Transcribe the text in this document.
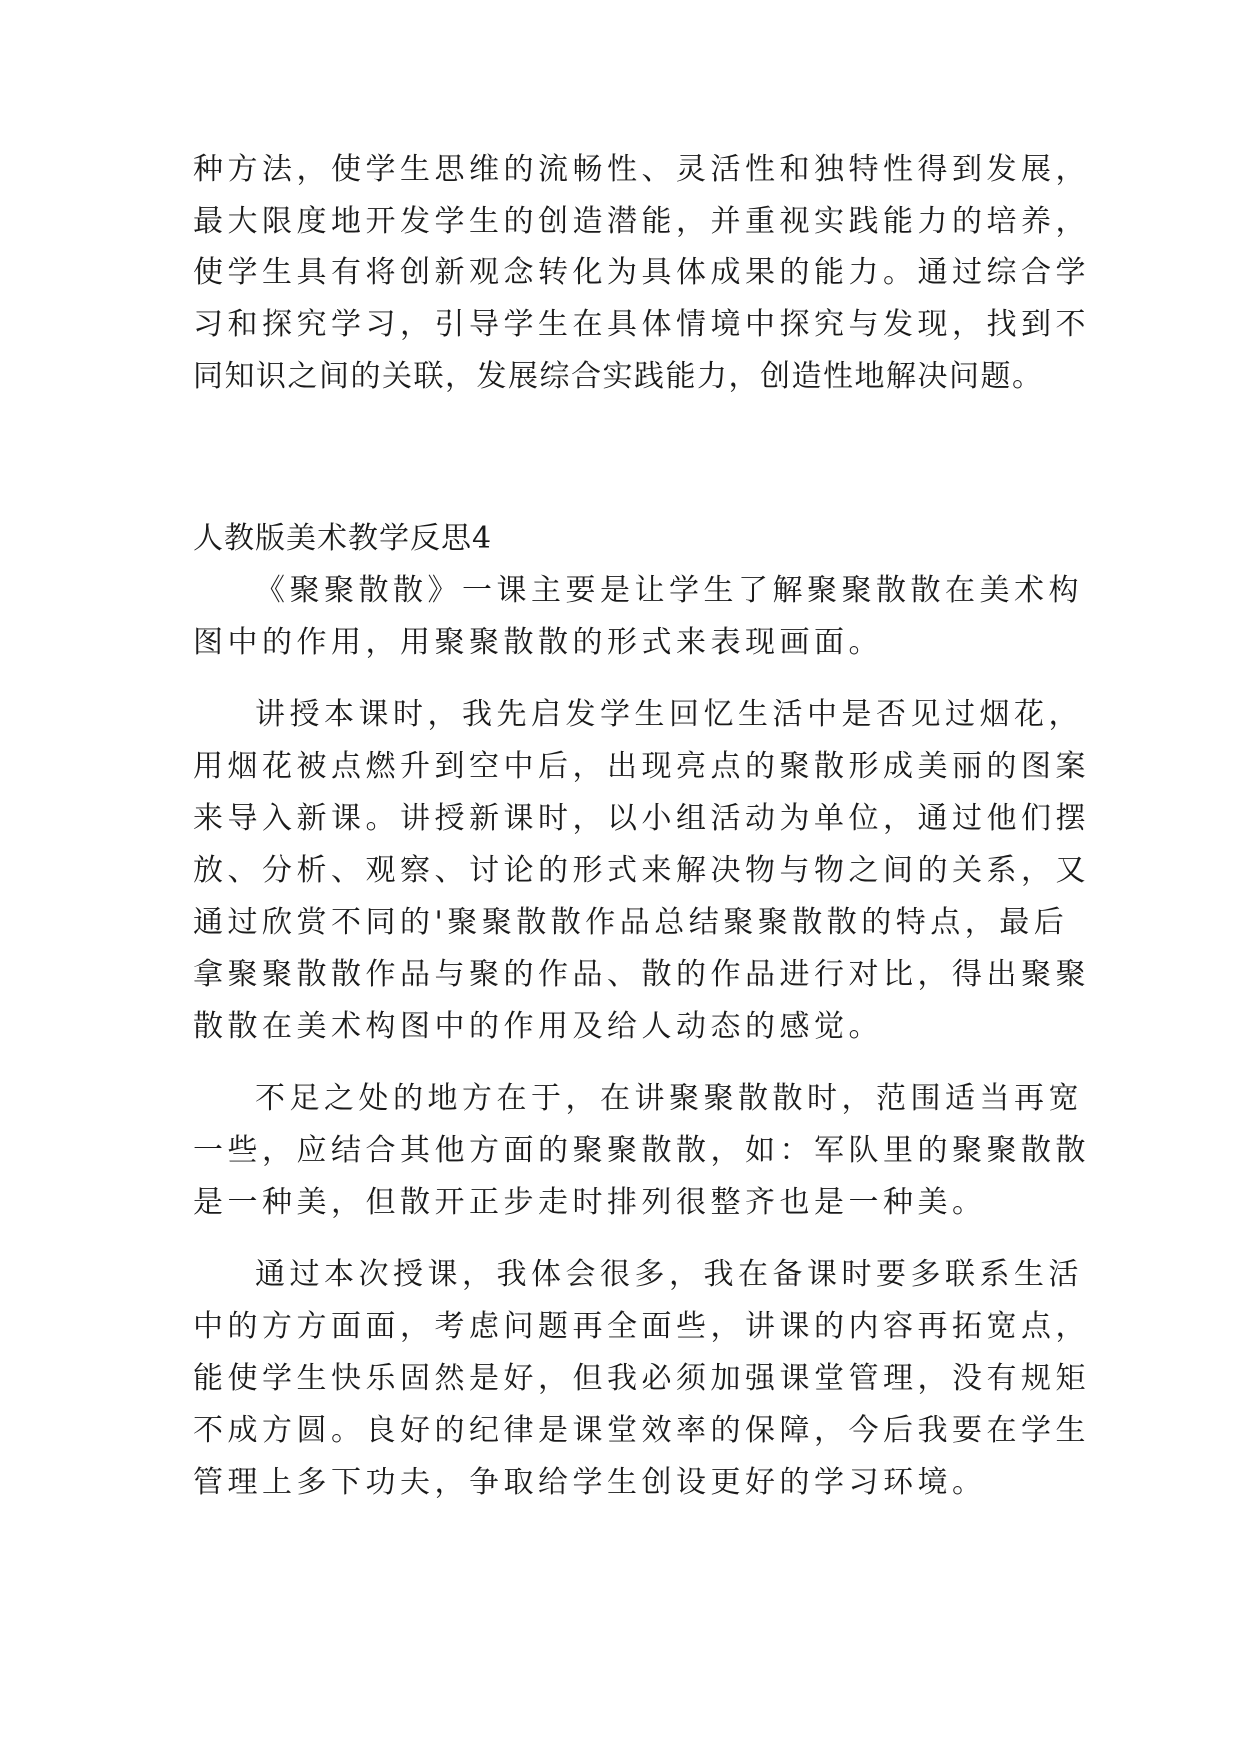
种方法，使学生思维的流畅性、灵活性和独特性得到发展，
最大限度地开发学生的创造潜能，并重视实践能力的培养，
使学生具有将创新观念转化为具体成果的能力。通过综合学
习和探究学习，引导学生在具体情境中探究与发现，找到不
同知识之间的关联，发展综合实践能力，创造性地解决问题。
人教版美术教学反思4
《聚聚散散》一课主要是让学生了解聚聚散散在美术构
图中的作用，用聚聚散散的形式来表现画面。
讲授本课时，我先启发学生回忆生活中是否见过烟花，
用烟花被点燃升到空中后，出现亮点的聚散形成美丽的图案
来导入新课。讲授新课时，以小组活动为单位，通过他们摆
放、分析、观察、讨论的形式来解决物与物之间的关系，又
通过欣赏不同的'聚聚散散作品总结聚聚散散的特点，最后
拿聚聚散散作品与聚的作品、散的作品进行对比，得出聚聚
散散在美术构图中的作用及给人动态的感觉。
不足之处的地方在于，在讲聚聚散散时，范围适当再宽
一些，应结合其他方面的聚聚散散，如：军队里的聚聚散散
是一种美，但散开正步走时排列很整齐也是一种美。
通过本次授课，我体会很多，我在备课时要多联系生活
中的方方面面，考虑问题再全面些，讲课的内容再拓宽点，
能使学生快乐固然是好，但我必须加强课堂管理，没有规矩
不成方圆。良好的纪律是课堂效率的保障，今后我要在学生
管理上多下功夫，争取给学生创设更好的学习环境。
